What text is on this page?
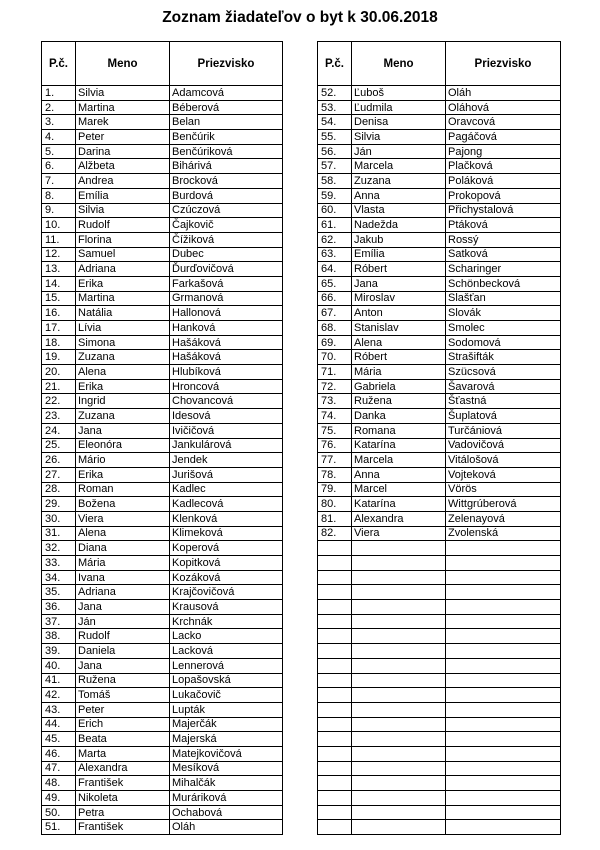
Zoznam žiadateľov o byt k 30.06.2018
P.č.	Meno	Priezvisko
1.	Silvia	Adamcová
2.	Martina	Béberová
3.	Marek	Belan
4.	Peter	Benčúrik
5.	Darina	Benčúriková
6.	Alžbeta	Bihárivá
7.	Andrea	Brocková
8.	Emília	Burdová
9.	Silvia	Czúczová
10.	Rudolf	Čajkovič
11.	Florina	Čížiková
12.	Samuel	Dubec
13.	Adriana	Ďurďovičová
14.	Erika	Farkašová
15.	Martina	Grmanová
16.	Natália	Hallonová
17.	Lívia	Hanková
18.	Simona	Hašáková
19.	Zuzana	Hašáková
20.	Alena	Hlubíková
21.	Erika	Hroncová
22.	Ingrid	Chovancová
23.	Zuzana	Idesová
24.	Jana	Ivičičová
25.	Eleonóra	Jankulárová
26.	Mário	Jendek
27.	Erika	Jurišová
28.	Roman	Kadlec
29.	Božena	Kadlecová
30.	Viera	Klenková
31.	Alena	Klimeková
32.	Diana	Koperová
33.	Mária	Kopitková
34.	Ivana	Kozáková
35.	Adriana	Krajčovičová
36.	Jana	Krausová
37.	Ján	Krchnák
38.	Rudolf	Lacko
39.	Daniela	Lacková
40.	Jana	Lennerová
41.	Ružena	Lopašovská
42.	Tomáš	Lukačovič
43.	Peter	Lupták
44.	Erich	Majerčák
45.	Beata	Majerská
46.	Marta	Matejkovičová
47.	Alexandra	Mesíková
48.	František	Mihalčák
49.	Nikoleta	Muráriková
50.	Petra	Ochabová
51.	František	Oláh
P.č.	Meno	Priezvisko
52.	Ľuboš	Oláh
53.	Ľudmila	Oláhová
54.	Denisa	Oravcová
55.	Silvia	Pagáčová
56.	Ján	Pajong
57.	Marcela	Plačková
58.	Zuzana	Poláková
59.	Anna	Prokopová
60.	Vlasta	Přichystalová
61.	Nadežda	Ptáková
62.	Jakub	Rossý
63.	Emília	Satková
64.	Róbert	Scharinger
65.	Jana	Schönbecková
66.	Miroslav	Slašťan
67.	Anton	Slovák
68.	Stanislav	Smolec
69.	Alena	Sodomová
70.	Róbert	Strašifták
71.	Mária	Szücsová
72.	Gabriela	Šavarová
73.	Ružena	Šťastná
74.	Danka	Šuplatová
75.	Romana	Turčániová
76.	Katarína	Vadovičová
77.	Marcela	Vitálošová
78.	Anna	Vojteková
79.	Marcel	Vörös
80.	Katarína	Wittgrúberová
81.	Alexandra	Zelenayová
82.	Viera	Zvolenská
